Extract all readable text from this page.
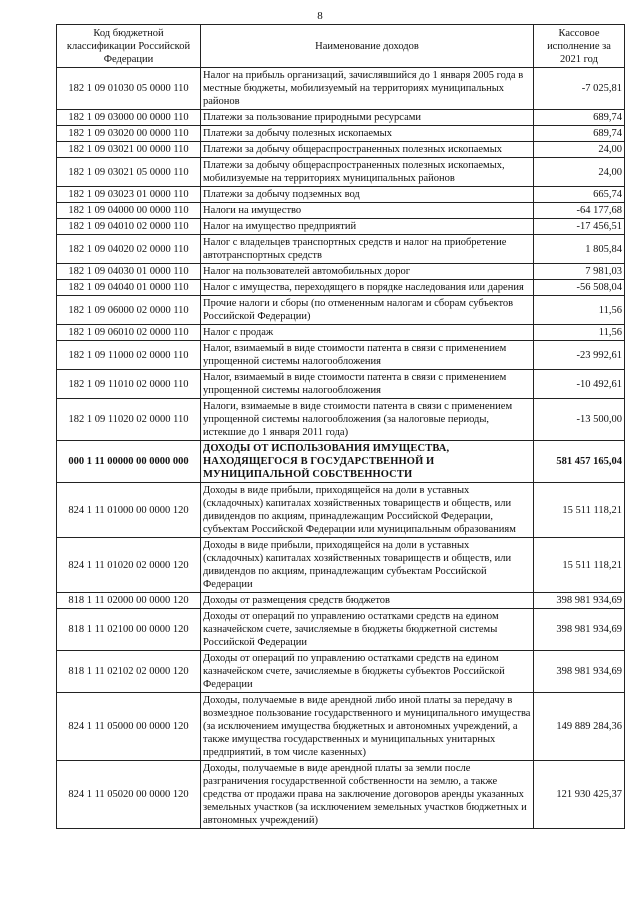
8
Код бюджетной классификации Российской Федерации	Наименование доходов	Кассовое исполнение за 2021 год
182 1 09 01030 05 0000 110	Налог на прибыль организаций, зачислявшийся до 1 января 2005 года в местные бюджеты, мобилизуемый на территориях муниципальных районов	-7 025,81
182 1 09 03000 00 0000 110	Платежи за пользование природными ресурсами	689,74
182 1 09 03020 00 0000 110	Платежи за добычу полезных ископаемых	689,74
182 1 09 03021 00 0000 110	Платежи за добычу общераспространенных полезных ископаемых	24,00
182 1 09 03021 05 0000 110	Платежи за добычу общераспространенных полезных ископаемых, мобилизуемые на территориях муниципальных районов	24,00
182 1 09 03023 01 0000 110	Платежи за добычу подземных вод	665,74
182 1 09 04000 00 0000 110	Налоги на имущество	-64 177,68
182 1 09 04010 02 0000 110	Налог на имущество предприятий	-17 456,51
182 1 09 04020 02 0000 110	Налог с владельцев транспортных средств и налог на приобретение автотранспортных средств	1 805,84
182 1 09 04030 01 0000 110	Налог на пользователей автомобильных дорог	7 981,03
182 1 09 04040 01 0000 110	Налог с имущества, переходящего в порядке наследования или дарения	-56 508,04
182 1 09 06000 02 0000 110	Прочие налоги и сборы (по отмененным налогам и сборам субъектов Российской Федерации)	11,56
182 1 09 06010 02 0000 110	Налог с продаж	11,56
182 1 09 11000 02 0000 110	Налог, взимаемый в виде стоимости патента в связи с применением упрощенной системы налогообложения	-23 992,61
182 1 09 11010 02 0000 110	Налог, взимаемый в виде стоимости патента в связи с применением упрощенной системы налогообложения	-10 492,61
182 1 09 11020 02 0000 110	Налоги, взимаемые в виде стоимости патента в связи с применением упрощенной системы налогообложения (за налоговые периоды, истекшие до 1 января 2011 года)	-13 500,00
000 1 11 00000 00 0000 000	ДОХОДЫ ОТ ИСПОЛЬЗОВАНИЯ ИМУЩЕСТВА, НАХОДЯЩЕГОСЯ В ГОСУДАРСТВЕННОЙ И МУНИЦИПАЛЬНОЙ СОБСТВЕННОСТИ	581 457 165,04
824 1 11 01000 00 0000 120	Доходы в виде прибыли, приходящейся на доли в уставных (складочных) капиталах хозяйственных товариществ и обществ, или дивидендов по акциям, принадлежащим Российской Федерации, субъектам Российской Федерации или муниципальным образованиям	15 511 118,21
824 1 11 01020 02 0000 120	Доходы в виде прибыли, приходящейся на доли в уставных (складочных) капиталах хозяйственных товариществ и обществ, или дивидендов по акциям, принадлежащим субъектам Российской Федерации	15 511 118,21
818 1 11 02000 00 0000 120	Доходы от размещения средств бюджетов	398 981 934,69
818 1 11 02100 00 0000 120	Доходы от операций по управлению остатками средств на едином казначейском счете, зачисляемые в бюджеты бюджетной системы Российской Федерации	398 981 934,69
818 1 11 02102 02 0000 120	Доходы от операций по управлению остатками средств на едином казначейском счете, зачисляемые в бюджеты субъектов Российской Федерации	398 981 934,69
824 1 11 05000 00 0000 120	Доходы, получаемые в виде арендной либо иной платы за передачу в возмездное пользование государственного и муниципального имущества (за исключением имущества бюджетных и автономных учреждений, а также имущества государственных и муниципальных унитарных предприятий, в том числе казенных)	149 889 284,36
824 1 11 05020 00 0000 120	Доходы, получаемые в виде арендной платы за земли после разграничения государственной собственности на землю, а также средства от продажи права на заключение договоров аренды указанных земельных участков (за исключением земельных участков бюджетных и автономных учреждений)	121 930 425,37
